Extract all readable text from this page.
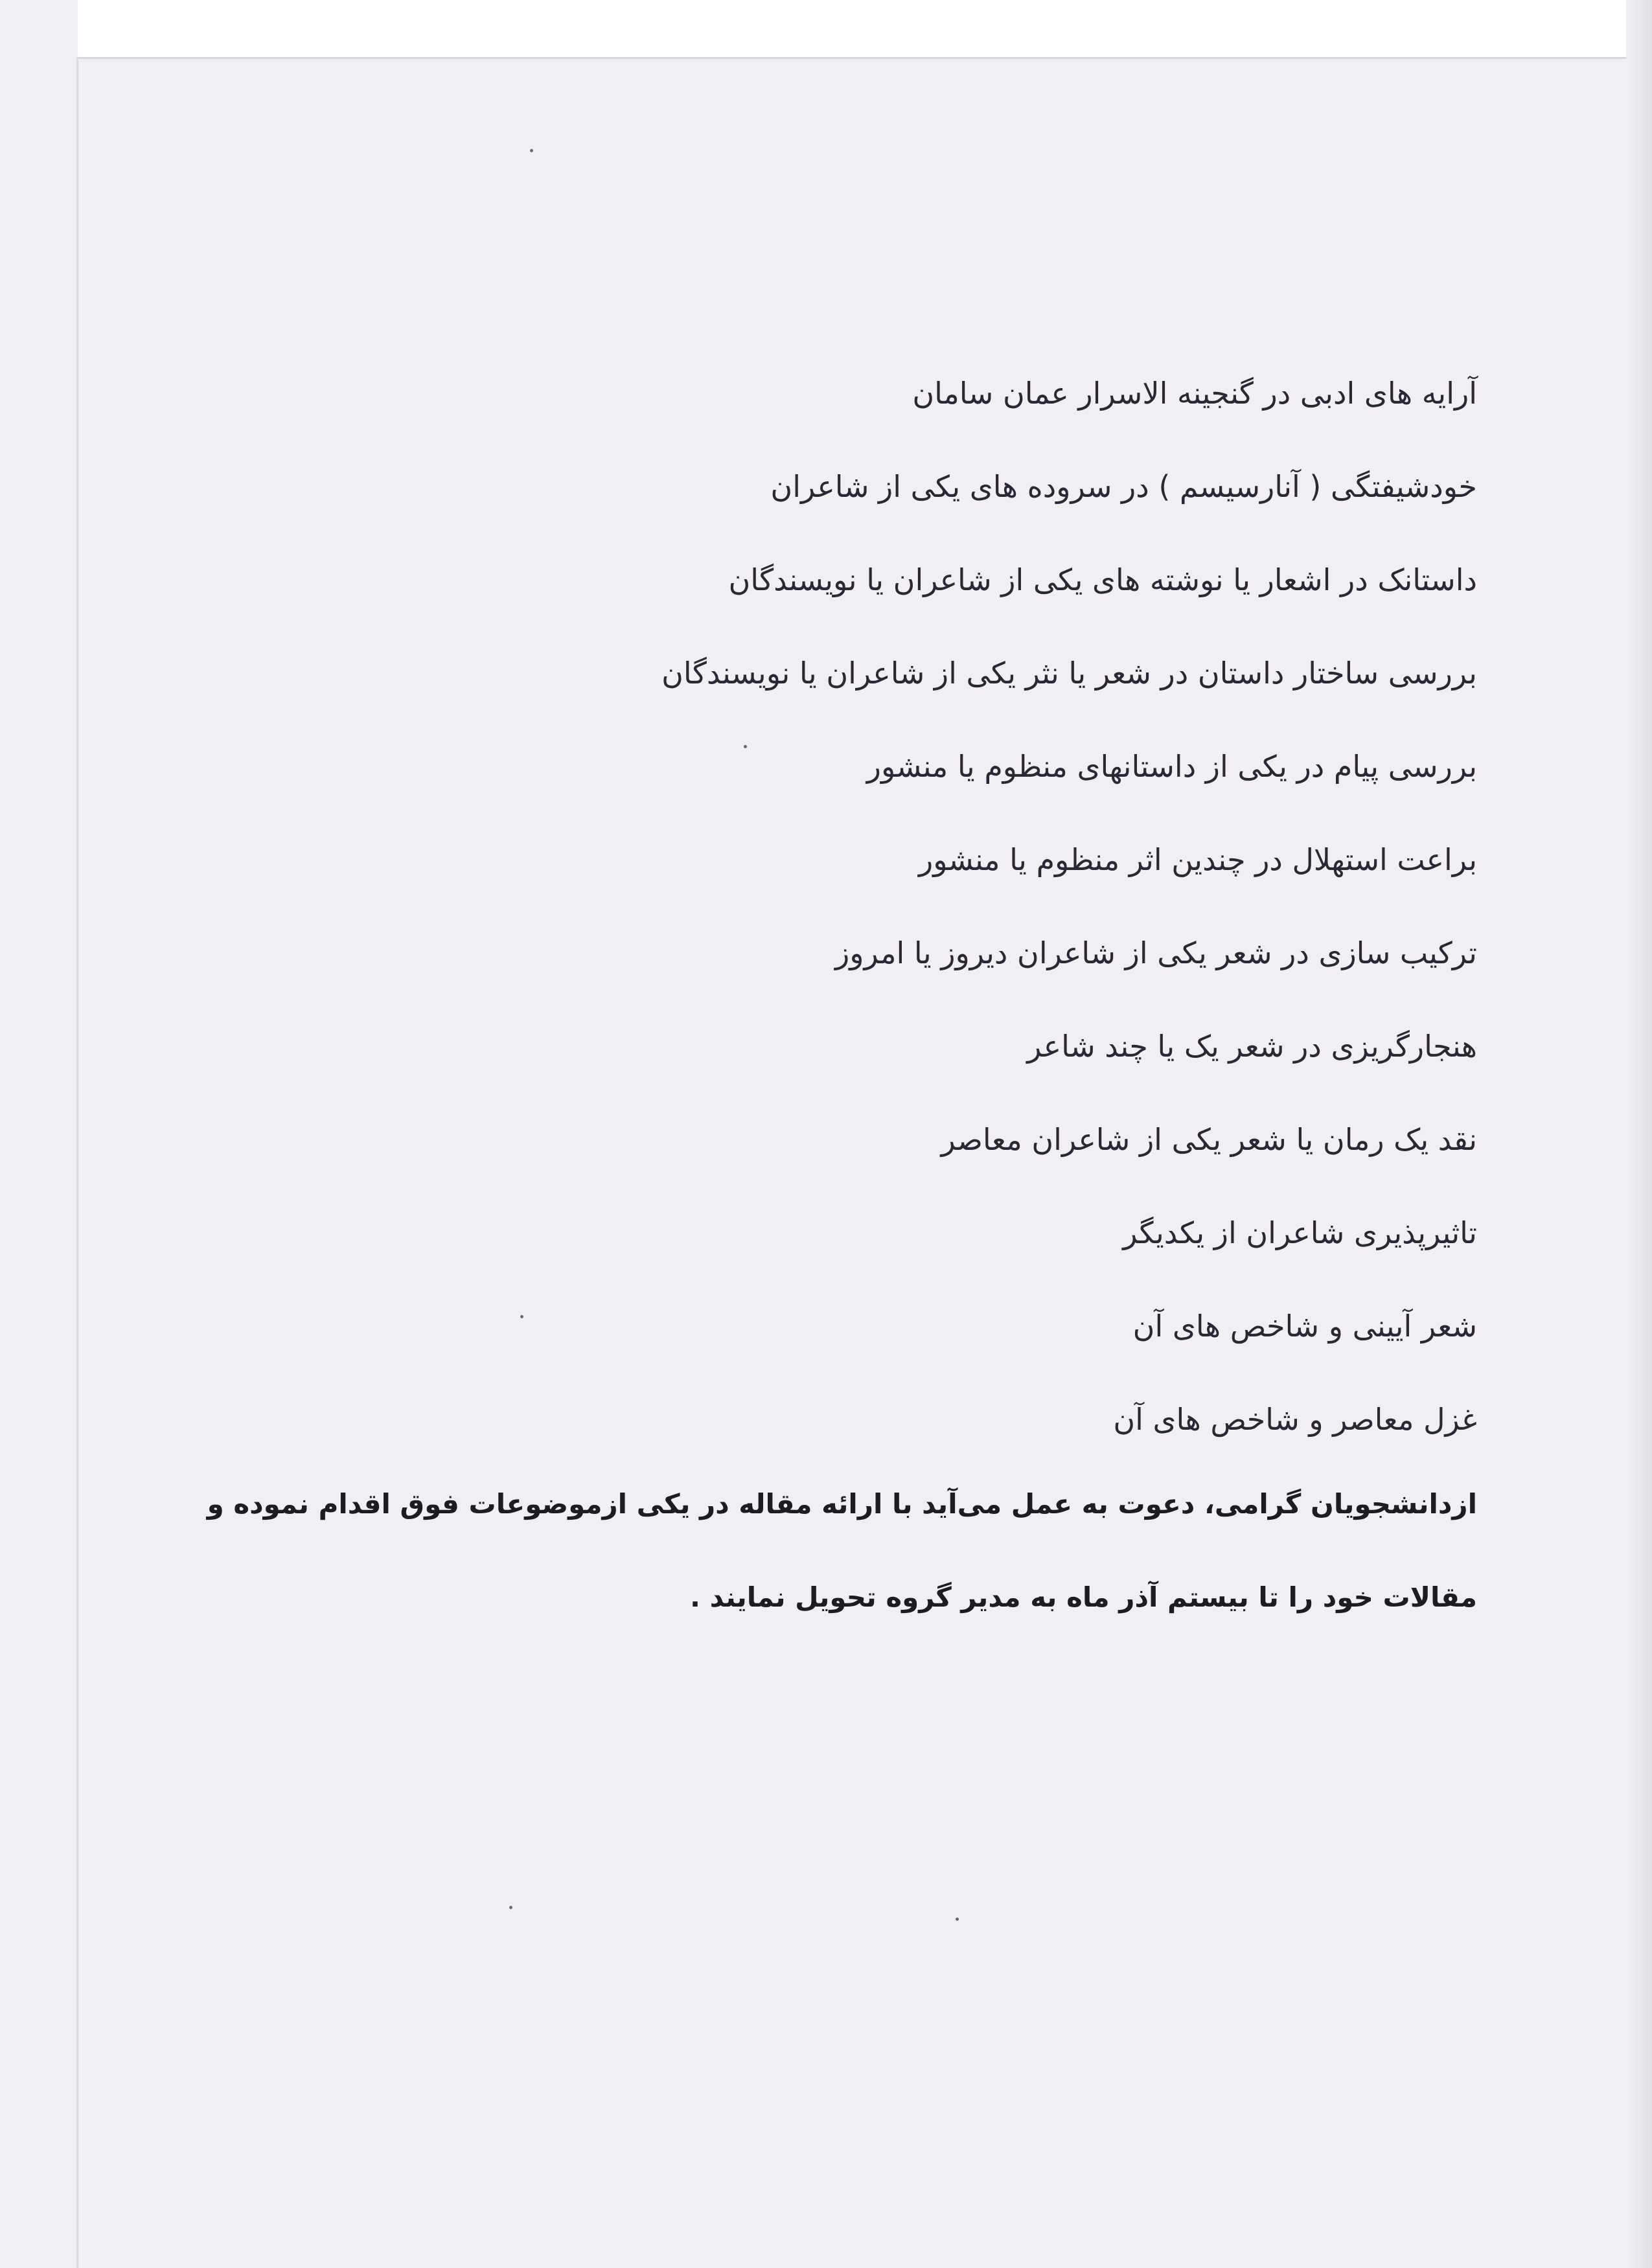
آرایه های ادبی در گنجینه الاسرار عمان سامان
خودشیفتگی ( آنارسیسم ) در سروده های یکی از شاعران
داستانک در اشعار یا نوشته های یکی از شاعران یا نویسندگان
بررسی ساختار داستان در شعر یا نثر یکی از شاعران یا نویسندگان
بررسی پیام در یکی از داستانهای منظوم یا منشور
براعت استهلال در چندین اثر منظوم یا منشور
ترکیب سازی در شعر یکی از شاعران دیروز یا امروز
هنجارگریزی در شعر یک یا چند شاعر
نقد یک رمان یا شعر یکی از شاعران معاصر
تاثیرپذیری شاعران از یکدیگر
شعر آیینی و شاخص های آن
غزل معاصر و شاخص های آن
ازدانشجویان گرامی، دعوت به عمل می‌آید با ارائه مقاله در یکی ازموضوعات فوق اقدام نموده و
مقالات خود را تا بیستم آذر ماه به مدیر گروه تحویل نمایند .
